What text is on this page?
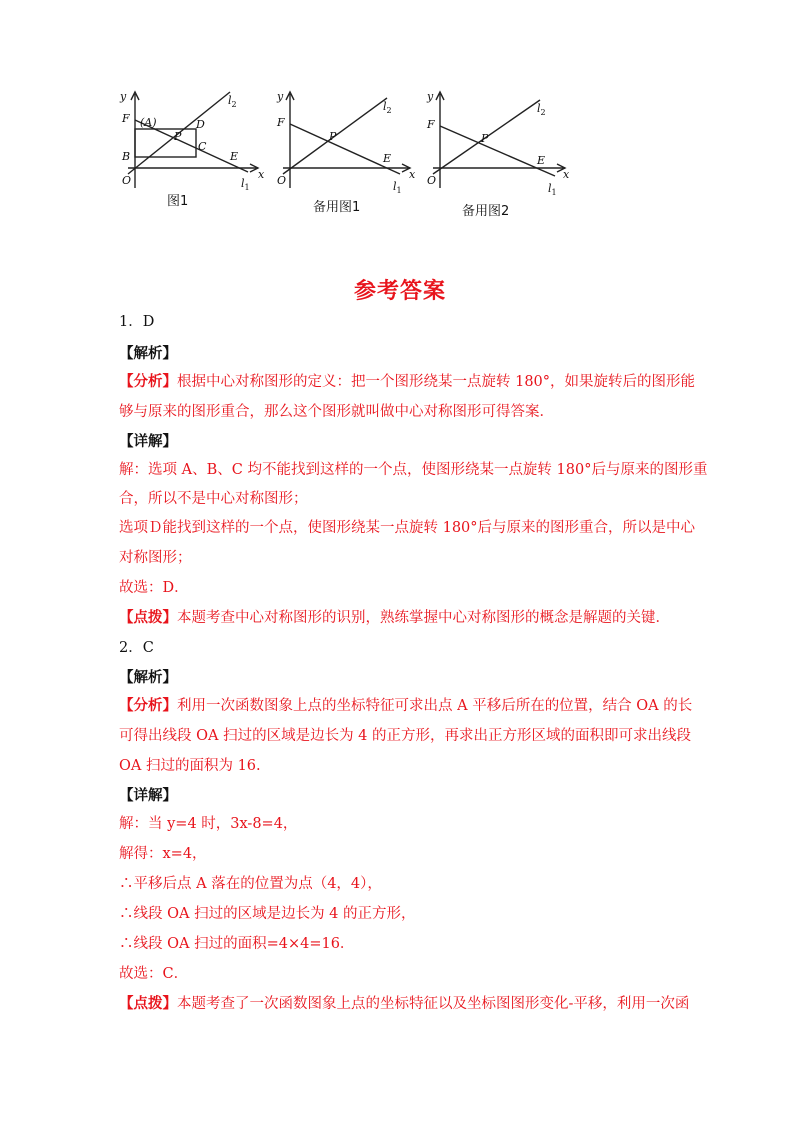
y
x
O
F (A)
P
D
B
C
E
$l_1$
$l_2$
y
x
O
F
P
E
$l_1$
$l_2$
y
x
O
F
P
E
$l_1$
$l_2$
图1	备用图1	备用图2
参考答案
1．D
【解析】
【分析】根据中心对称图形的定义：把一个图形绕某一点旋转 180°，如果旋转后的图形能
够与原来的图形重合，那么这个图形就叫做中心对称图形可得答案．
【详解】
解：选项 A、B、C 均不能找到这样的一个点，使图形绕某一点旋转 180°后与原来的图形重
合，所以不是中心对称图形；
选项Ｄ能找到这样的一个点，使图形绕某一点旋转 180°后与原来的图形重合，所以是中心
对称图形；
故选：D．
【点拨】本题考查中心对称图形的识别，熟练掌握中心对称图形的概念是解题的关键．
2．C
【解析】
【分析】利用一次函数图象上点的坐标特征可求出点 A 平移后所在的位置，结合 OA 的长
可得出线段 OA 扫过的区域是边长为 4 的正方形，再求出正方形区域的面积即可求出线段
OA 扫过的面积为 16.
【详解】
解：当 y=4 时，3x-8=4，
解得：x=4，
∴平移后点 A 落在的位置为点（4，4），
∴线段 OA 扫过的区域是边长为 4 的正方形，
∴线段 OA 扫过的面积=4×4=16．
故选：C．
【点拨】本题考查了一次函数图象上点的坐标特征以及坐标图图形变化-平移，利用一次函
